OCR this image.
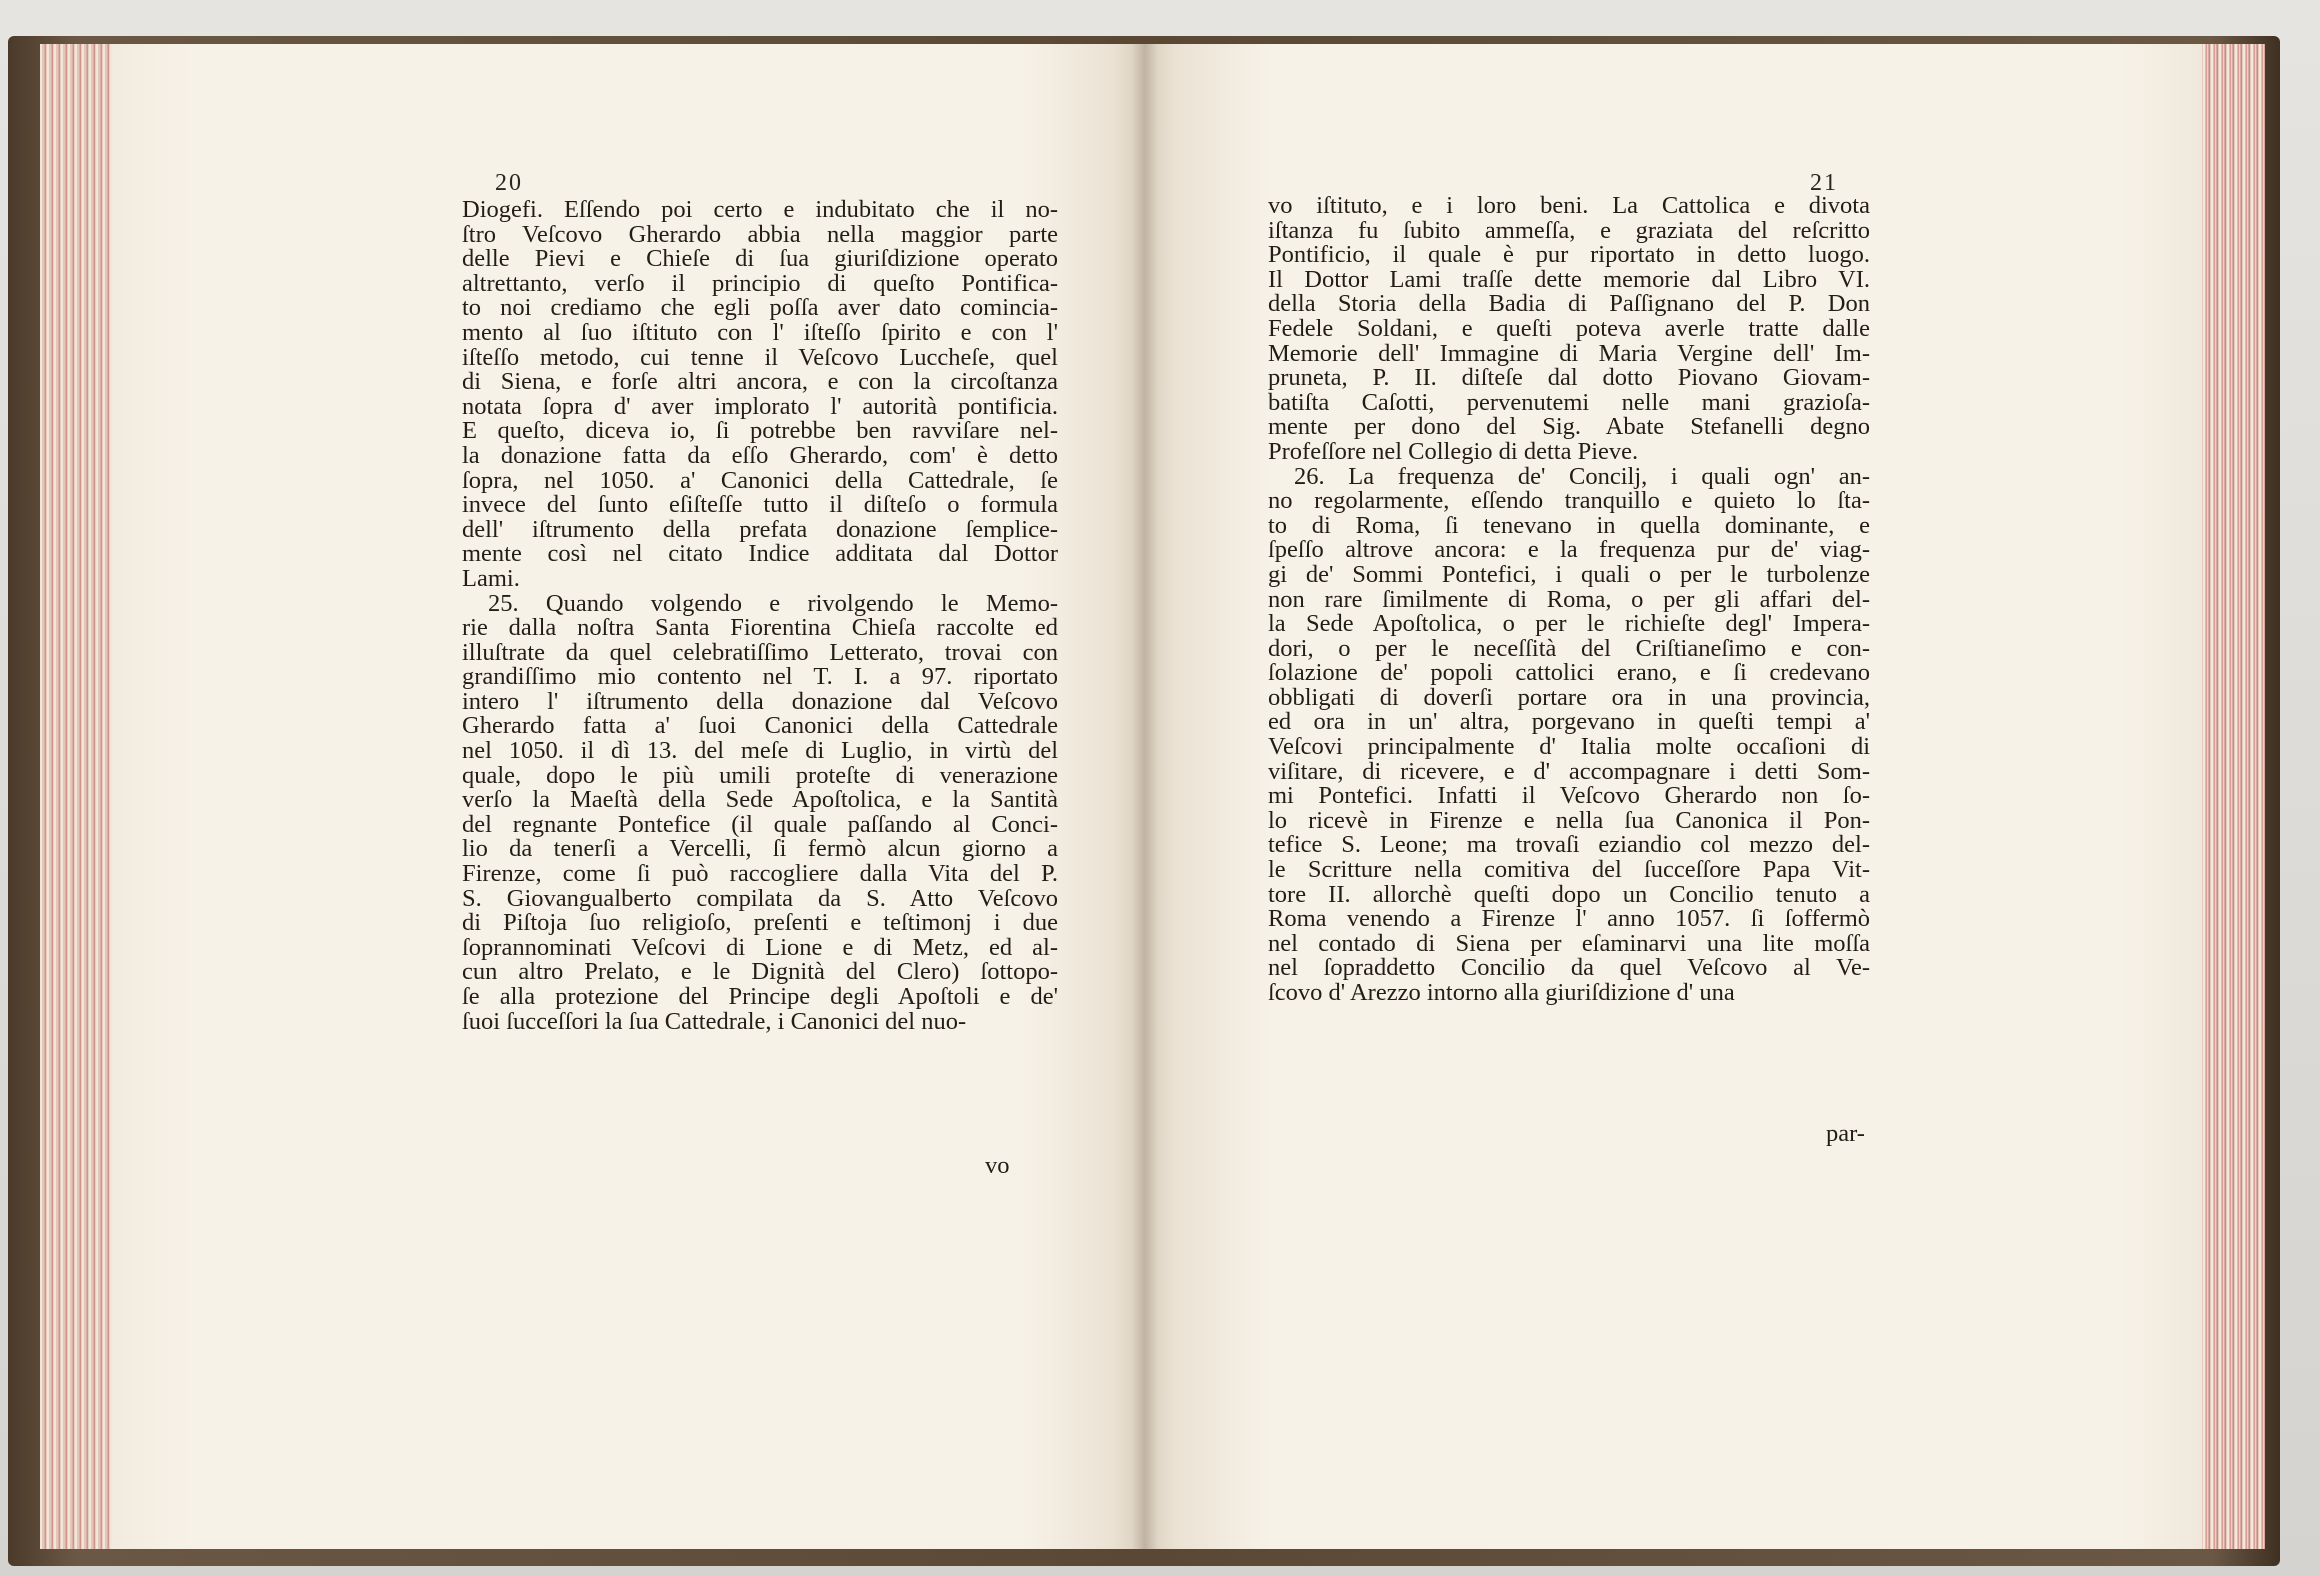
20	21
Diogefi. Eſſendo poi certo e indubitato che il no-
ſtro Veſcovo Gherardo abbia nella maggior parte
delle Pievi e Chieſe di ſua giuriſdizione operato
altrettanto, verſo il principio di queſto Pontifica-
to noi crediamo che egli poſſa aver dato comincia-
mento al ſuo iſtituto con l' iſteſſo ſpirito e con l'
iſteſſo metodo, cui tenne il Veſcovo Luccheſe, quel
di Siena, e forſe altri ancora, e con la circoſtanza
notata ſopra d' aver implorato l' autorità pontificia.
E queſto, diceva io, ſi potrebbe ben ravviſare nel-
la donazione fatta da eſſo Gherardo, com' è detto
ſopra, nel 1050. a' Canonici della Cattedrale, ſe
invece del ſunto eſiſteſſe tutto il diſteſo o formula
dell' iſtrumento della prefata donazione ſemplice-
mente così nel citato Indice additata dal Dottor
Lami.
25. Quando volgendo e rivolgendo le Memo-
rie dalla noſtra Santa Fiorentina Chieſa raccolte ed
illuſtrate da quel celebratiſſimo Letterato, trovai con
grandiſſimo mio contento nel T. I. a 97. riportato
intero l' iſtrumento della donazione dal Veſcovo
Gherardo fatta a' ſuoi Canonici della Cattedrale
nel 1050. il dì 13. del meſe di Luglio, in virtù del
quale, dopo le più umili proteſte di venerazione
verſo la Maeſtà della Sede Apoſtolica, e la Santità
del regnante Pontefice (il quale paſſando al Conci-
lio da tenerſi a Vercelli, ſi fermò alcun giorno a
Firenze, come ſi può raccogliere dalla Vita del P.
S. Giovangualberto compilata da S. Atto Veſcovo
di Piſtoja ſuo religioſo, preſenti e teſtimonj i due
ſoprannominati Veſcovi di Lione e di Metz, ed al-
cun altro Prelato, e le Dignità del Clero) ſottopo-
ſe alla protezione del Principe degli Apoſtoli e de'
ſuoi ſucceſſori la ſua Cattedrale, i Canonici del nuo-
vo iſtituto, e i loro beni. La Cattolica e divota
iſtanza fu ſubito ammeſſa, e graziata del reſcritto
Pontificio, il quale è pur riportato in detto luogo.
Il Dottor Lami traſſe dette memorie dal Libro VI.
della Storia della Badia di Paſſignano del P. Don
Fedele Soldani, e queſti poteva averle tratte dalle
Memorie dell' Immagine di Maria Vergine dell' Im-
pruneta, P. II. diſteſe dal dotto Piovano Giovam-
batiſta Caſotti, pervenutemi nelle mani grazioſa-
mente per dono del Sig. Abate Stefanelli degno
Profeſſore nel Collegio di detta Pieve.
26. La frequenza de' Concilj, i quali ogn' an-
no regolarmente, eſſendo tranquillo e quieto lo ſta-
to di Roma, ſi tenevano in quella dominante, e
ſpeſſo altrove ancora: e la frequenza pur de' viag-
gi de' Sommi Pontefici, i quali o per le turbolenze
non rare ſimilmente di Roma, o per gli affari del-
la Sede Apoſtolica, o per le richieſte degl' Impera-
dori, o per le neceſſità del Criſtianeſimo e con-
ſolazione de' popoli cattolici erano, e ſi credevano
obbligati di doverſi portare ora in una provincia,
ed ora in un' altra, porgevano in queſti tempi a'
Veſcovi principalmente d' Italia molte occaſioni di
viſitare, di ricevere, e d' accompagnare i detti Som-
mi Pontefici. Infatti il Veſcovo Gherardo non ſo-
lo ricevè in Firenze e nella ſua Canonica il Pon-
tefice S. Leone; ma trovaſi eziandio col mezzo del-
le Scritture nella comitiva del ſucceſſore Papa Vit-
tore II. allorchè queſti dopo un Concilio tenuto a
Roma venendo a Firenze l' anno 1057. ſi ſoffermò
nel contado di Siena per eſaminarvi una lite moſſa
nel ſopraddetto Concilio da quel Veſcovo al Ve-
ſcovo d' Arezzo intorno alla giuriſdizione d' una
vo
par-
